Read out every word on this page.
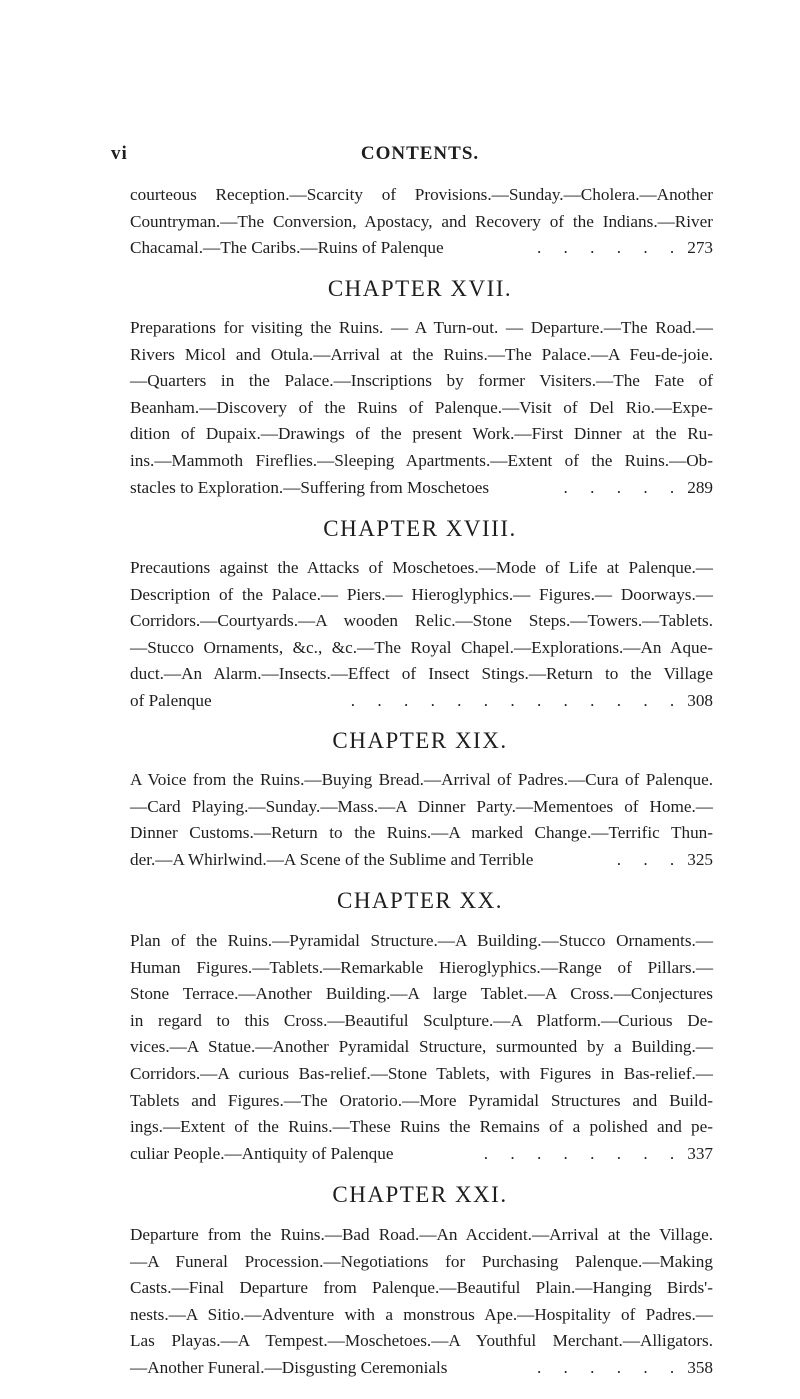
vi	CONTENTS.
courteous Reception.—Scarcity of Provisions.—Sunday.—Cholera.—Another
Countryman.—The Conversion, Apostacy, and Recovery of the Indians.—River
Chacamal.—The Caribs.—Ruins of Palenque	. . . . . . 273
CHAPTER XVII.
Preparations for visiting the Ruins. — A Turn-out. — Departure.—The Road.—
Rivers Micol and Otula.—Arrival at the Ruins.—The Palace.—A Feu-de-joie.
—Quarters in the Palace.—Inscriptions by former Visiters.—The Fate of
Beanham.—Discovery of the Ruins of Palenque.—Visit of Del Rio.—Expe-
dition of Dupaix.—Drawings of the present Work.—First Dinner at the Ru-
ins.—Mammoth Fireflies.—Sleeping Apartments.—Extent of the Ruins.—Ob-
stacles to Exploration.—Suffering from Moschetoes	. . . . . 289
CHAPTER XVIII.
Precautions against the Attacks of Moschetoes.—Mode of Life at Palenque.—
Description of the Palace.— Piers.— Hieroglyphics.— Figures.— Doorways.—
Corridors.—Courtyards.—A wooden Relic.—Stone Steps.—Towers.—Tablets.
—Stucco Ornaments, &c., &c.—The Royal Chapel.—Explorations.—An Aque-
duct.—An Alarm.—Insects.—Effect of Insect Stings.—Return to the Village
of Palenque	. . . . . . . . . . . . . 308
CHAPTER XIX.
A Voice from the Ruins.—Buying Bread.—Arrival of Padres.—Cura of Palenque.
—Card Playing.—Sunday.—Mass.—A Dinner Party.—Mementoes of Home.—
Dinner Customs.—Return to the Ruins.—A marked Change.—Terrific Thun-
der.—A Whirlwind.—A Scene of the Sublime and Terrible	. . . 325
CHAPTER XX.
Plan of the Ruins.—Pyramidal Structure.—A Building.—Stucco Ornaments.—
Human Figures.—Tablets.—Remarkable Hieroglyphics.—Range of Pillars.—
Stone Terrace.—Another Building.—A large Tablet.—A Cross.—Conjectures
in regard to this Cross.—Beautiful Sculpture.—A Platform.—Curious De-
vices.—A Statue.—Another Pyramidal Structure, surmounted by a Building.—
Corridors.—A curious Bas-relief.—Stone Tablets, with Figures in Bas-relief.—
Tablets and Figures.—The Oratorio.—More Pyramidal Structures and Build-
ings.—Extent of the Ruins.—These Ruins the Remains of a polished and pe-
culiar People.—Antiquity of Palenque	. . . . . . . . 337
CHAPTER XXI.
Departure from the Ruins.—Bad Road.—An Accident.—Arrival at the Village.
—A Funeral Procession.—Negotiations for Purchasing Palenque.—Making
Casts.—Final Departure from Palenque.—Beautiful Plain.—Hanging Birds'-
nests.—A Sitio.—Adventure with a monstrous Ape.—Hospitality of Padres.—
Las Playas.—A Tempest.—Moschetoes.—A Youthful Merchant.—Alligators.
—Another Funeral.—Disgusting Ceremonials	. . . . . . 358
